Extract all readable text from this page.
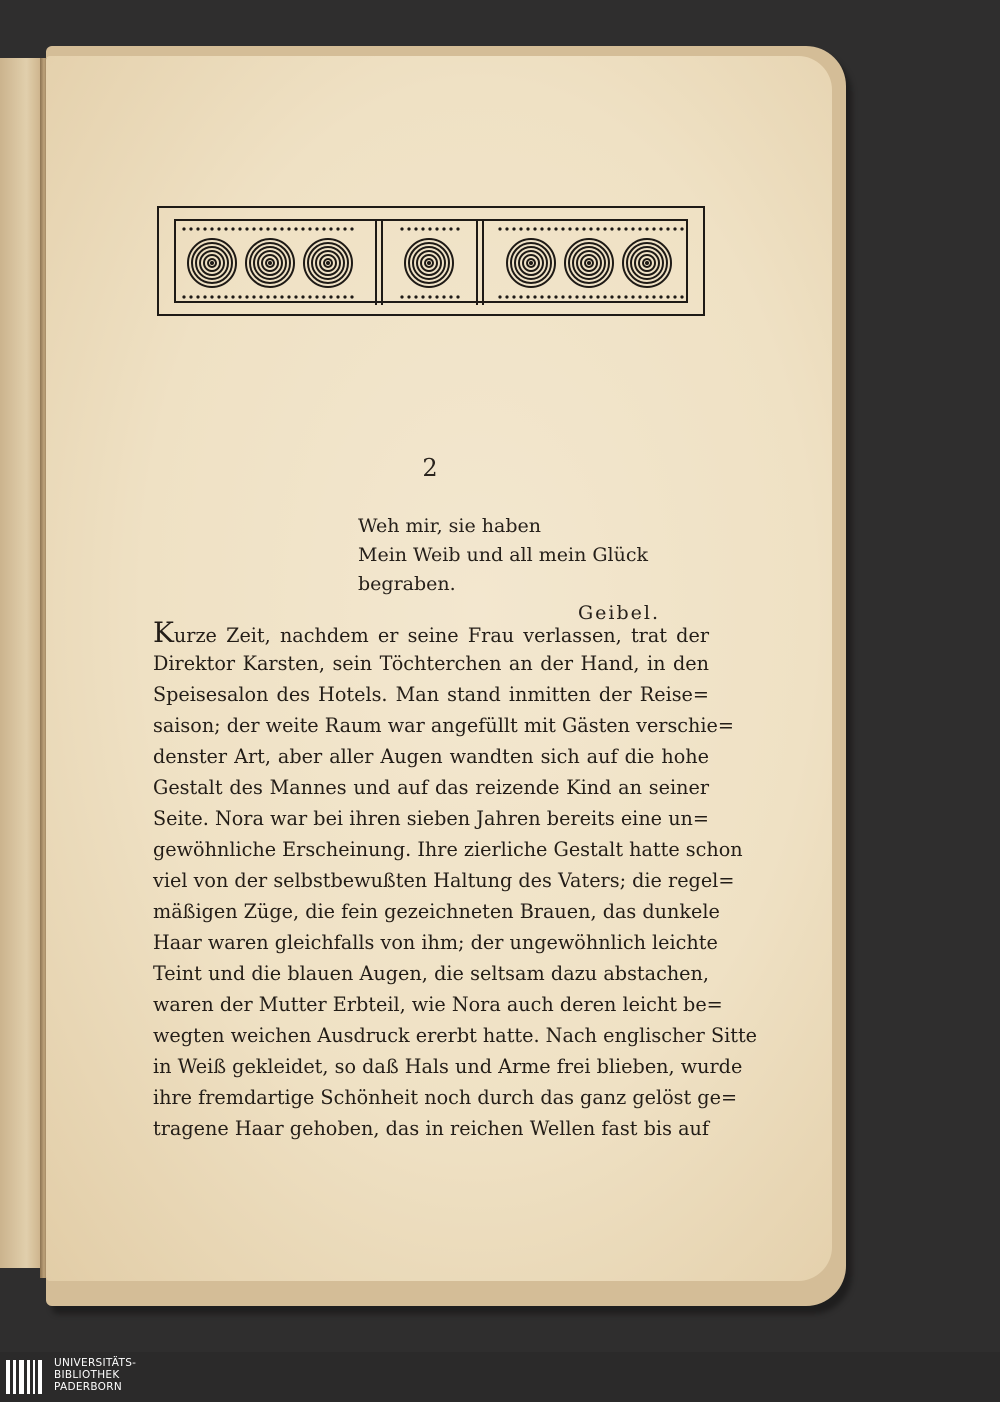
2
Weh mir, sie haben
Mein Weib und all mein Glück begraben.
Geibel.
Kurze Zeit, nachdem er seine Frau verlassen, trat der
Direktor Karsten, sein Töchterchen an der Hand, in den
Speisesalon des Hotels. Man stand inmitten der Reise=
saison; der weite Raum war angefüllt mit Gästen verschie=
denster Art, aber aller Augen wandten sich auf die hohe
Gestalt des Mannes und auf das reizende Kind an seiner
Seite. Nora war bei ihren sieben Jahren bereits eine un=
gewöhnliche Erscheinung. Ihre zierliche Gestalt hatte schon
viel von der selbstbewußten Haltung des Vaters; die regel=
mäßigen Züge, die fein gezeichneten Brauen, das dunkele
Haar waren gleichfalls von ihm; der ungewöhnlich leichte
Teint und die blauen Augen, die seltsam dazu abstachen,
waren der Mutter Erbteil, wie Nora auch deren leicht be=
wegten weichen Ausdruck ererbt hatte. Nach englischer Sitte
in Weiß gekleidet, so daß Hals und Arme frei blieben, wurde
ihre fremdartige Schönheit noch durch das ganz gelöst ge=
tragene Haar gehoben, das in reichen Wellen fast bis auf
UNIVERSITÄTS-
BIBLIOTHEK
PADERBORN
